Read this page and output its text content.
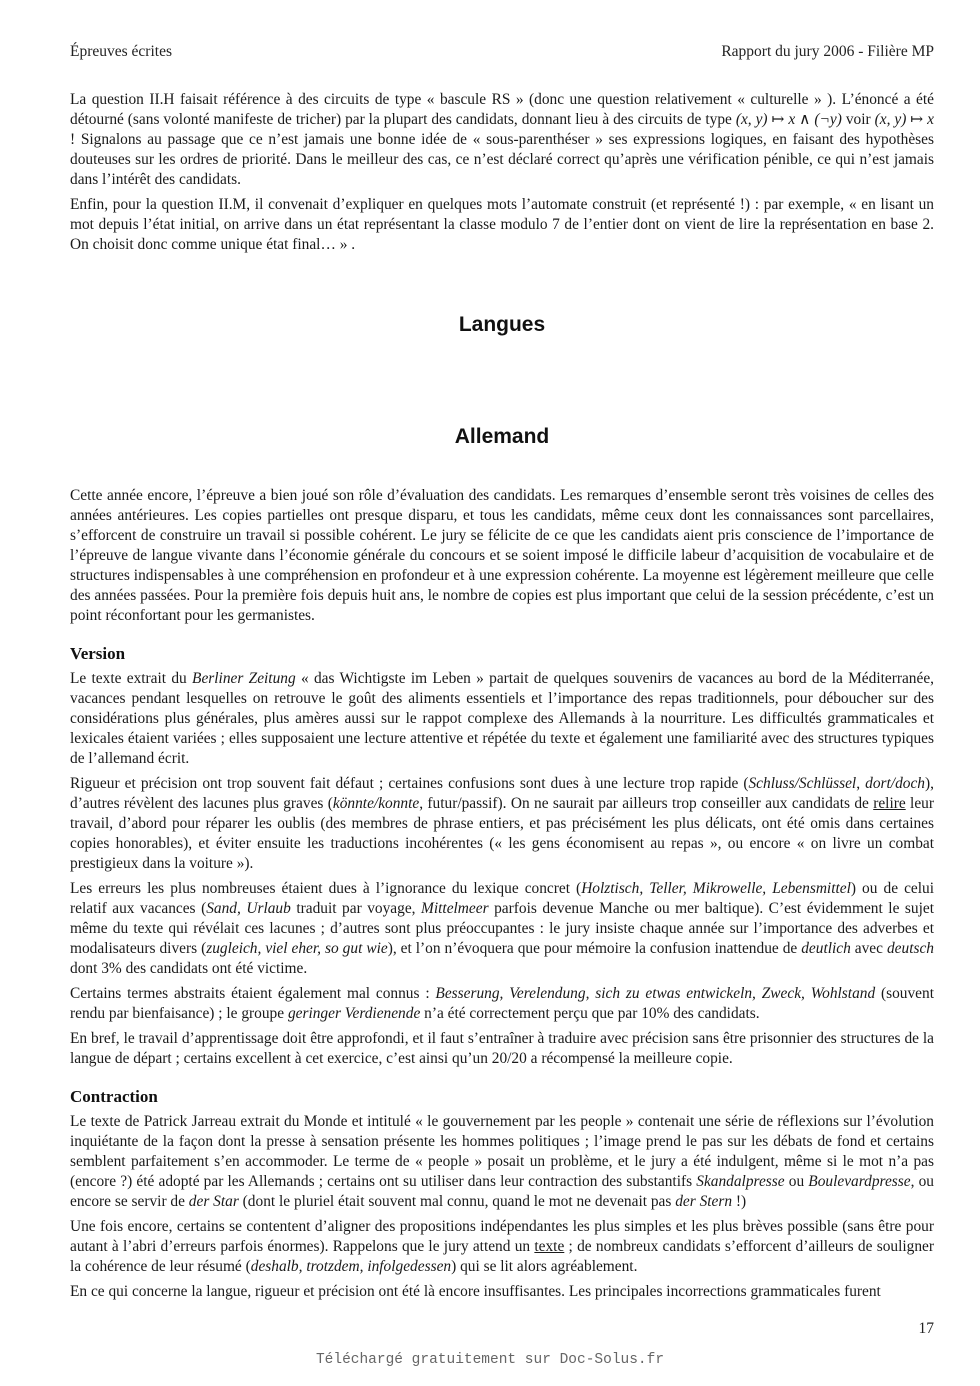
Épreuves écrites	Rapport du jury 2006 - Filière MP

La question II.H faisait référence à des circuits de type « bascule RS » (donc une question relativement « culturelle » ). L’énoncé a été détourné (sans volonté manifeste de tricher) par la plupart des candidats, donnant lieu à des circuits de type (x, y) ↦ x ∧ (¬y) voir (x, y) ↦ x ! Signalons au passage que ce n’est jamais une bonne idée de « sous-parenthéser » ses expressions logiques, en faisant des hypothèses douteuses sur les ordres de priorité. Dans le meilleur des cas, ce n’est déclaré correct qu’après une vérification pénible, ce qui n’est jamais dans l’intérêt des candidats.

Enfin, pour la question II.M, il convenait d’expliquer en quelques mots l’automate construit (et représenté !) : par exemple, « en lisant un mot depuis l’état initial, on arrive dans un état représentant la classe modulo 7 de l’entier dont on vient de lire la représentation en base 2. On choisit donc comme unique état final… » .

Langues
Allemand

Cette année encore, l’épreuve a bien joué son rôle d’évaluation des candidats. Les remarques d’ensemble seront très voisines de celles des années antérieures. Les copies partielles ont presque disparu, et tous les candidats, même ceux dont les connaissances sont parcellaires, s’efforcent de construire un travail si possible cohérent. Le jury se félicite de ce que les candidats aient pris conscience de l’importance de l’épreuve de langue vivante dans l’économie générale du concours et se soient imposé le difficile labeur d’acquisition de vocabulaire et de structures indispensables à une compréhension en profondeur et à une expression cohérente. La moyenne est légèrement meilleure que celle des années passées. Pour la première fois depuis huit ans, le nombre de copies est plus important que celui de la session précédente, c’est un point réconfortant pour les germanistes.

Version

Le texte extrait du Berliner Zeitung « das Wichtigste im Leben » partait de quelques souvenirs de vacances au bord de la Méditerranée, vacances pendant lesquelles on retrouve le goût des aliments essentiels et l’importance des repas traditionnels, pour déboucher sur des considérations plus générales, plus amères aussi sur le rappot complexe des Allemands à la nourriture. Les difficultés grammaticales et lexicales étaient variées ; elles supposaient une lecture attentive et répétée du texte et également une familiarité avec des structures typiques de l’allemand écrit.

Rigueur et précision ont trop souvent fait défaut ; certaines confusions sont dues à une lecture trop rapide (Schluss/Schlüssel, dort/doch), d’autres révèlent des lacunes plus graves (könnte/konnte, futur/passif). On ne saurait par ailleurs trop conseiller aux candidats de relire leur travail, d’abord pour réparer les oublis (des membres de phrase entiers, et pas précisément les plus délicats, ont été omis dans certaines copies honorables), et éviter ensuite les traductions incohérentes (« les gens économisent au repas », ou encore « on livre un combat prestigieux dans la voiture »).

Les erreurs les plus nombreuses étaient dues à l’ignorance du lexique concret (Holztisch, Teller, Mikrowelle, Lebensmittel) ou de celui relatif aux vacances (Sand, Urlaub traduit par voyage, Mittelmeer parfois devenue Manche ou mer baltique). C’est évidemment le sujet même du texte qui révélait ces lacunes ; d’autres sont plus préoccupantes : le jury insiste chaque année sur l’importance des adverbes et modalisateurs divers (zugleich, viel eher, so gut wie), et l’on n’évoquera que pour mémoire la confusion inattendue de deutlich avec deutsch dont 3% des candidats ont été victime.

Certains termes abstraits étaient également mal connus : Besserung, Verelendung, sich zu etwas entwickeln, Zweck, Wohlstand (souvent rendu par bienfaisance) ; le groupe geringer Verdienende n’a été correctement perçu que par 10% des candidats.

En bref, le travail d’apprentissage doit être approfondi, et il faut s’entraîner à traduire avec précision sans être prisonnier des structures de la langue de départ ; certains excellent à cet exercice, c’est ainsi qu’un 20/20 a récompensé la meilleure copie.

Contraction

Le texte de Patrick Jarreau extrait du Monde et intitulé « le gouvernement par les people » contenait une série de réflexions sur l’évolution inquiétante de la façon dont la presse à sensation présente les hommes politiques ; l’image prend le pas sur les débats de fond et certains semblent parfaitement s’en accommoder. Le terme de « people » posait un problème, et le jury a été indulgent, même si le mot n’a pas (encore ?) été adopté par les Allemands ; certains ont su utiliser dans leur contraction des substantifs Skandalpresse ou Boulevardpresse, ou encore se servir de der Star (dont le pluriel était souvent mal connu, quand le mot ne devenait pas der Stern !)

Une fois encore, certains se contentent d’aligner des propositions indépendantes les plus simples et les plus brèves possible (sans être pour autant à l’abri d’erreurs parfois énormes). Rappelons que le jury attend un texte ; de nombreux candidats s’efforcent d’ailleurs de souligner la cohérence de leur résumé (deshalb, trotzdem, infolgedessen) qui se lit alors agréablement.

En ce qui concerne la langue, rigueur et précision ont été là encore insuffisantes. Les principales incorrections grammaticales furent

17
Téléchargé gratuitement sur Doc-Solus.fr
